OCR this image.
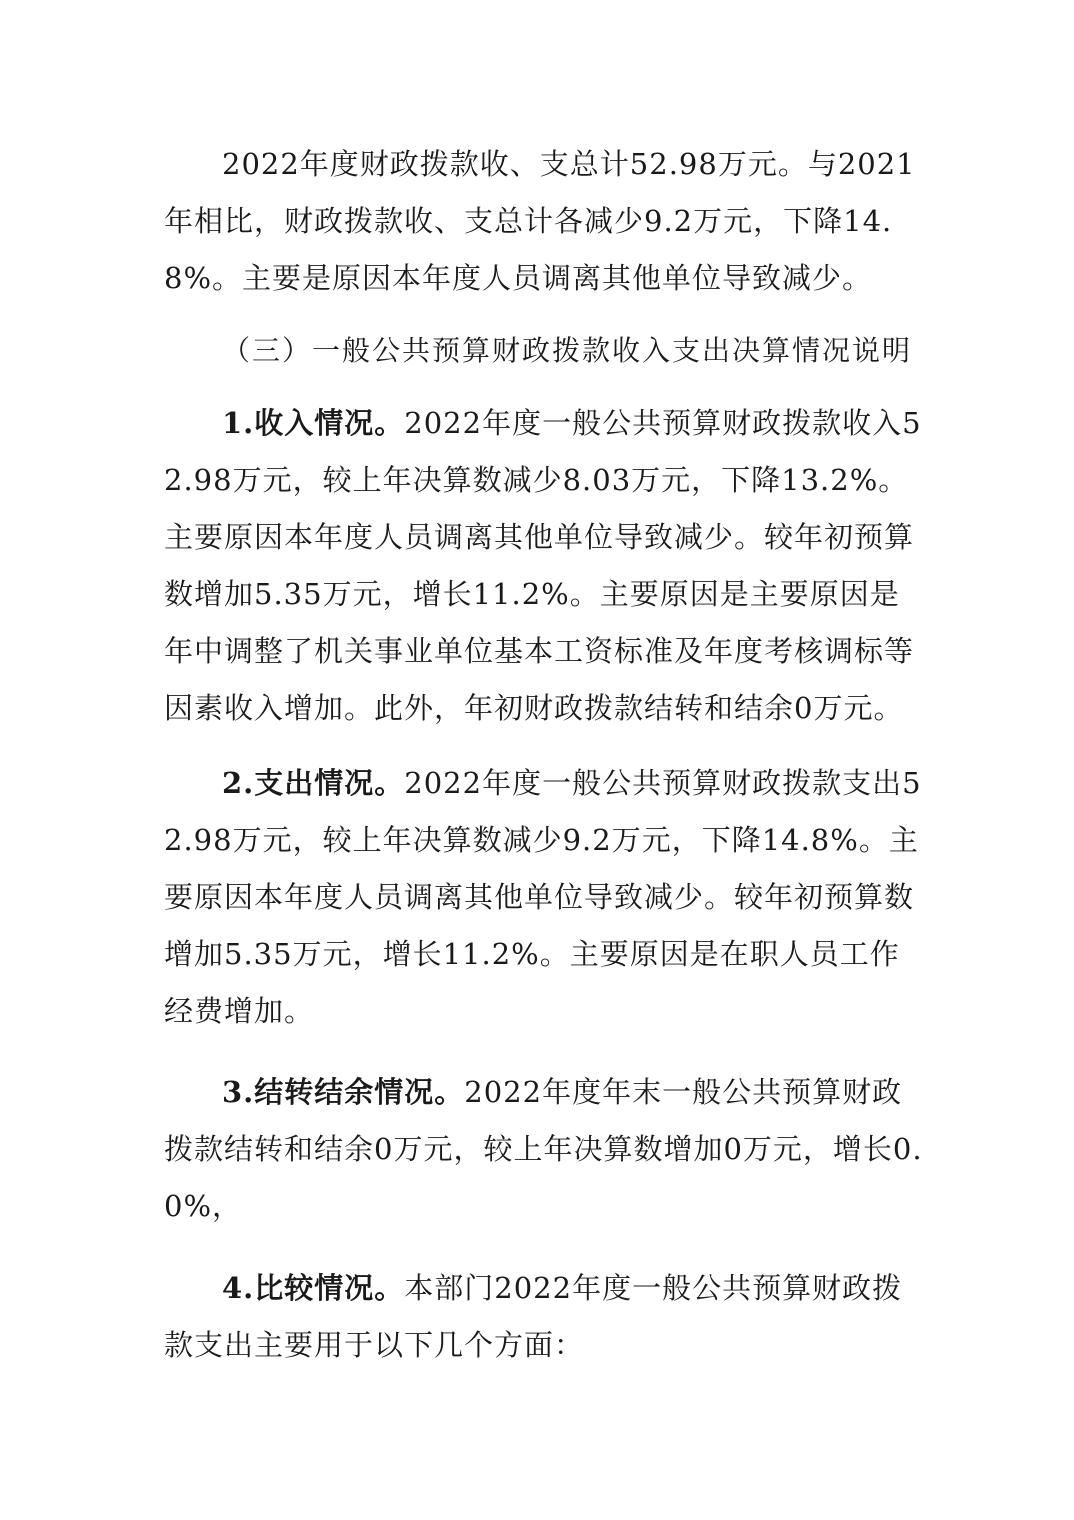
2022年度财政拨款收、支总计52.98万元。与2021年相比，财政拨款收、支总计各减少9.2万元，下降14.8%。主要是原因本年度人员调离其他单位导致减少。

（三）一般公共预算财政拨款收入支出决算情况说明

1.收入情况。2022年度一般公共预算财政拨款收入52.98万元，较上年决算数减少8.03万元，下降13.2%。主要原因本年度人员调离其他单位导致减少。较年初预算数增加5.35万元，增长11.2%。主要原因是主要原因是年中调整了机关事业单位基本工资标准及年度考核调标等因素收入增加。此外，年初财政拨款结转和结余0万元。

2.支出情况。2022年度一般公共预算财政拨款支出52.98万元，较上年决算数减少9.2万元，下降14.8%。主要原因本年度人员调离其他单位导致减少。较年初预算数增加5.35万元，增长11.2%。主要原因是在职人员工作经费增加。

3.结转结余情况。2022年度年末一般公共预算财政拨款结转和结余0万元，较上年决算数增加0万元，增长0.0%，

4.比较情况。本部门2022年度一般公共预算财政拨款支出主要用于以下几个方面：
